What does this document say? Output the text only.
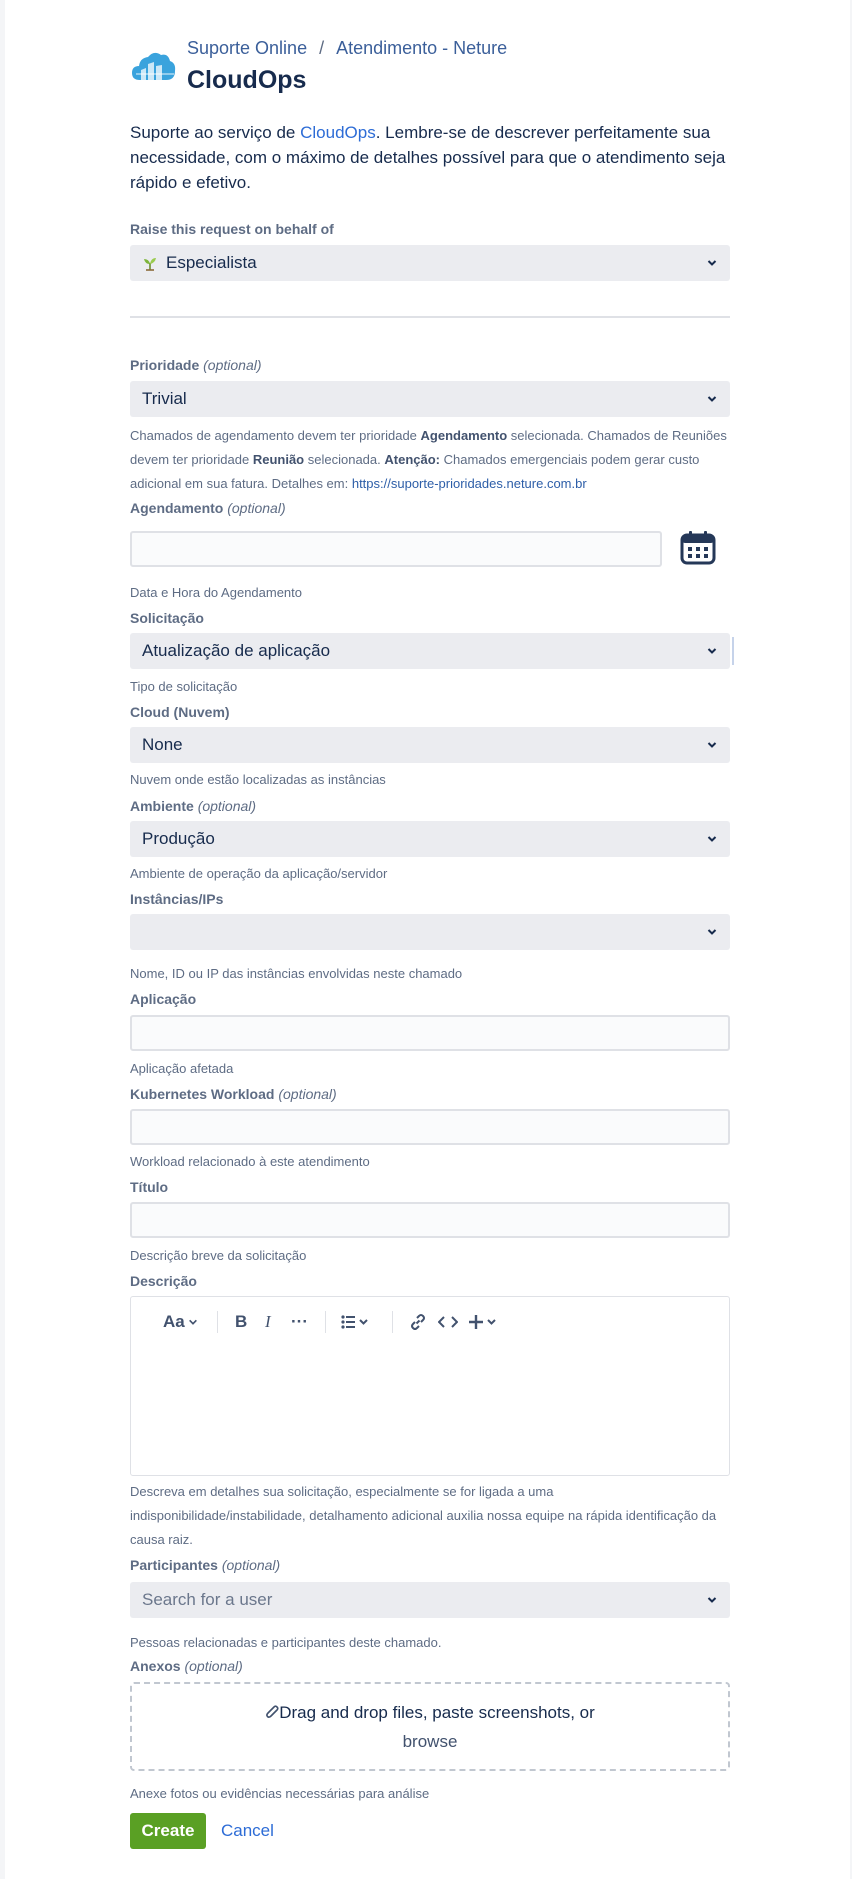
Suporte Online / Atendimento - Neture
CloudOps
Suporte ao serviço de CloudOps. Lembre-se de descrever perfeitamente sua necessidade, com o máximo de detalhes possível para que o atendimento seja rápido e efetivo.
Raise this request on behalf of
Especialista
Prioridade (optional)
Trivial
Chamados de agendamento devem ter prioridade Agendamento selecionada. Chamados de Reuniões devem ter prioridade Reunião selecionada. Atenção: Chamados emergenciais podem gerar custo adicional em sua fatura. Detalhes em: https://suporte-prioridades.neture.com.br
Agendamento (optional)
Data e Hora do Agendamento
Solicitação
Atualização de aplicação
Tipo de solicitação
Cloud (Nuvem)
None
Nuvem onde estão localizadas as instâncias
Ambiente (optional)
Produção
Ambiente de operação da aplicação/servidor
Instâncias/IPs
Nome, ID ou IP das instâncias envolvidas neste chamado
Aplicação
Aplicação afetada
Kubernetes Workload (optional)
Workload relacionado à este atendimento
Título
Descrição breve da solicitação
Descrição
Aa	B I ···
Descreva em detalhes sua solicitação, especialmente se for ligada a uma indisponibilidade/instabilidade, detalhamento adicional auxilia nossa equipe na rápida identificação da causa raiz.
Participantes (optional)
Search for a user
Pessoas relacionadas e participantes deste chamado.
Anexos (optional)
Drag and drop files, paste screenshots, or
browse
Anexe fotos ou evidências necessárias para análise
Create	Cancel
